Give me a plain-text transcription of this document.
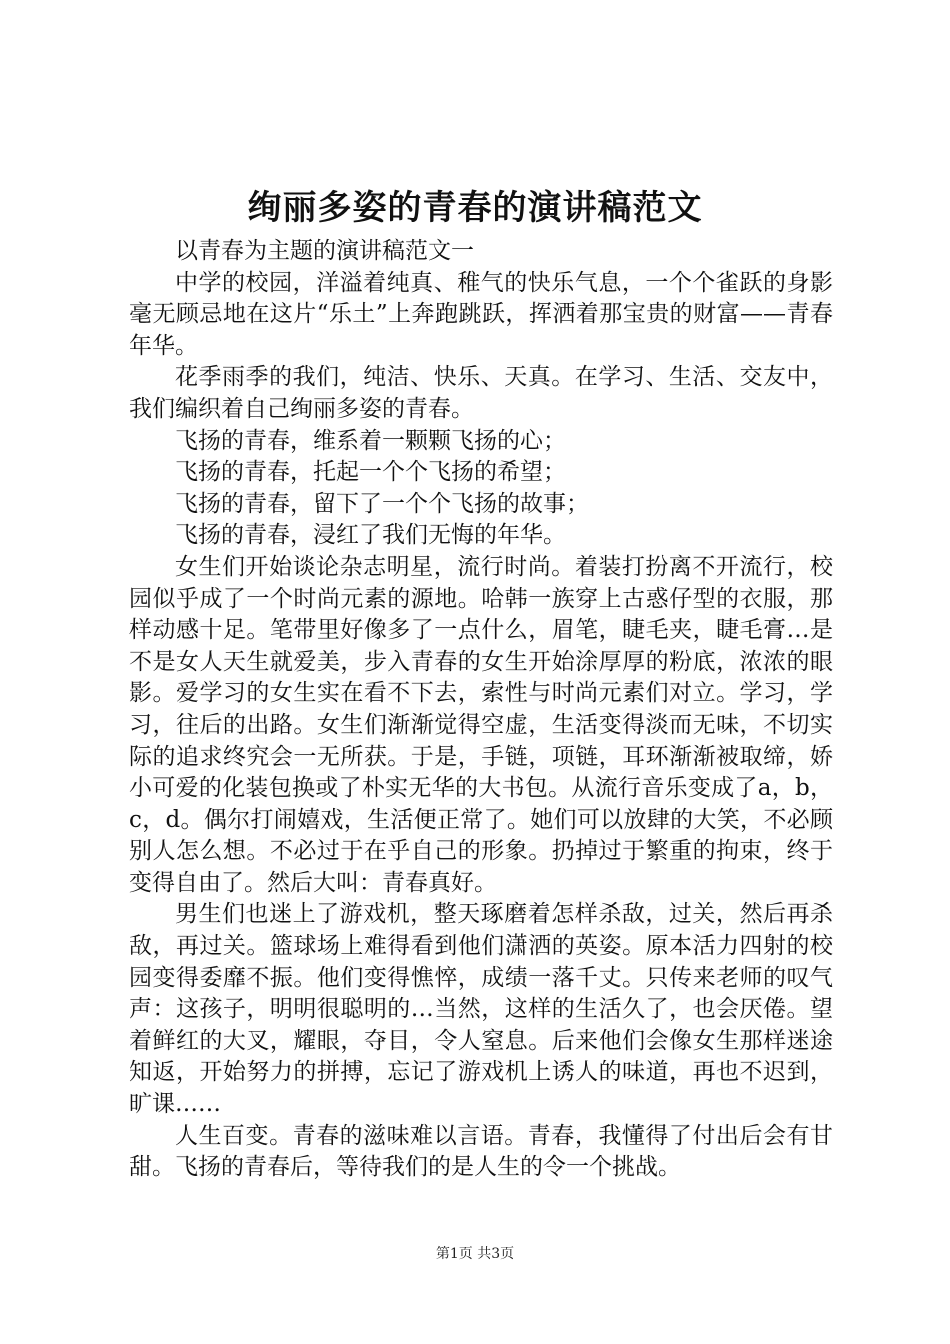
绚丽多姿的青春的演讲稿范文

以青春为主题的演讲稿范文一

中学的校园，洋溢着纯真、稚气的快乐气息，一个个雀跃的身影毫无顾忌地在这片“乐土”上奔跑跳跃，挥洒着那宝贵的财富——青春年华。

花季雨季的我们，纯洁、快乐、天真。在学习、生活、交友中，我们编织着自己绚丽多姿的青春。

飞扬的青春，维系着一颗颗飞扬的心；

飞扬的青春，托起一个个飞扬的希望；

飞扬的青春，留下了一个个飞扬的故事；

飞扬的青春，浸红了我们无悔的年华。

女生们开始谈论杂志明星，流行时尚。着装打扮离不开流行，校园似乎成了一个时尚元素的源地。哈韩一族穿上古惑仔型的衣服，那样动感十足。笔带里好像多了一点什么，眉笔，睫毛夹，睫毛膏…是不是女人天生就爱美，步入青春的女生开始涂厚厚的粉底，浓浓的眼影。爱学习的女生实在看不下去，索性与时尚元素们对立。学习，学习，往后的出路。女生们渐渐觉得空虚，生活变得淡而无味，不切实际的追求终究会一无所获。于是，手链，项链，耳环渐渐被取缔，娇小可爱的化装包换或了朴实无华的大书包。从流行音乐变成了a，b，c，d。偶尔打闹嬉戏，生活便正常了。她们可以放肆的大笑，不必顾别人怎么想。不必过于在乎自己的形象。扔掉过于繁重的拘束，终于变得自由了。然后大叫：青春真好。

男生们也迷上了游戏机，整天琢磨着怎样杀敌，过关，然后再杀敌，再过关。篮球场上难得看到他们潇洒的英姿。原本活力四射的校园变得委靡不振。他们变得憔悴，成绩一落千丈。只传来老师的叹气声：这孩子，明明很聪明的…当然，这样的生活久了，也会厌倦。望着鲜红的大叉，耀眼，夺目，令人窒息。后来他们会像女生那样迷途知返，开始努力的拼搏，忘记了游戏机上诱人的味道，再也不迟到，旷课……

人生百变。青春的滋味难以言语。青春，我懂得了付出后会有甘甜。飞扬的青春后，等待我们的是人生的令一个挑战。

第1页 共3页
